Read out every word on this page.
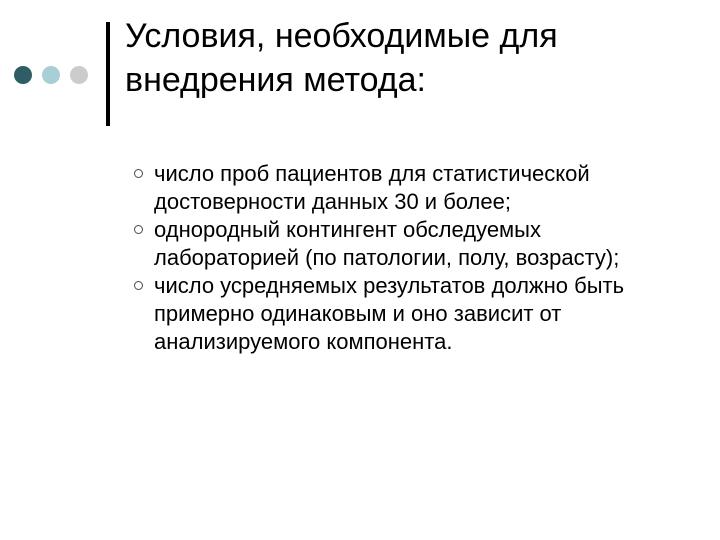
Условия, необходимые для внедрения метода:
число проб пациентов для статистической достоверности данных 30 и более;
однородный контингент обследуемых лабораторией (по патологии, полу, возрасту);
число усредняемых результатов должно быть примерно одинаковым и оно зависит от анализируемого компонента.
